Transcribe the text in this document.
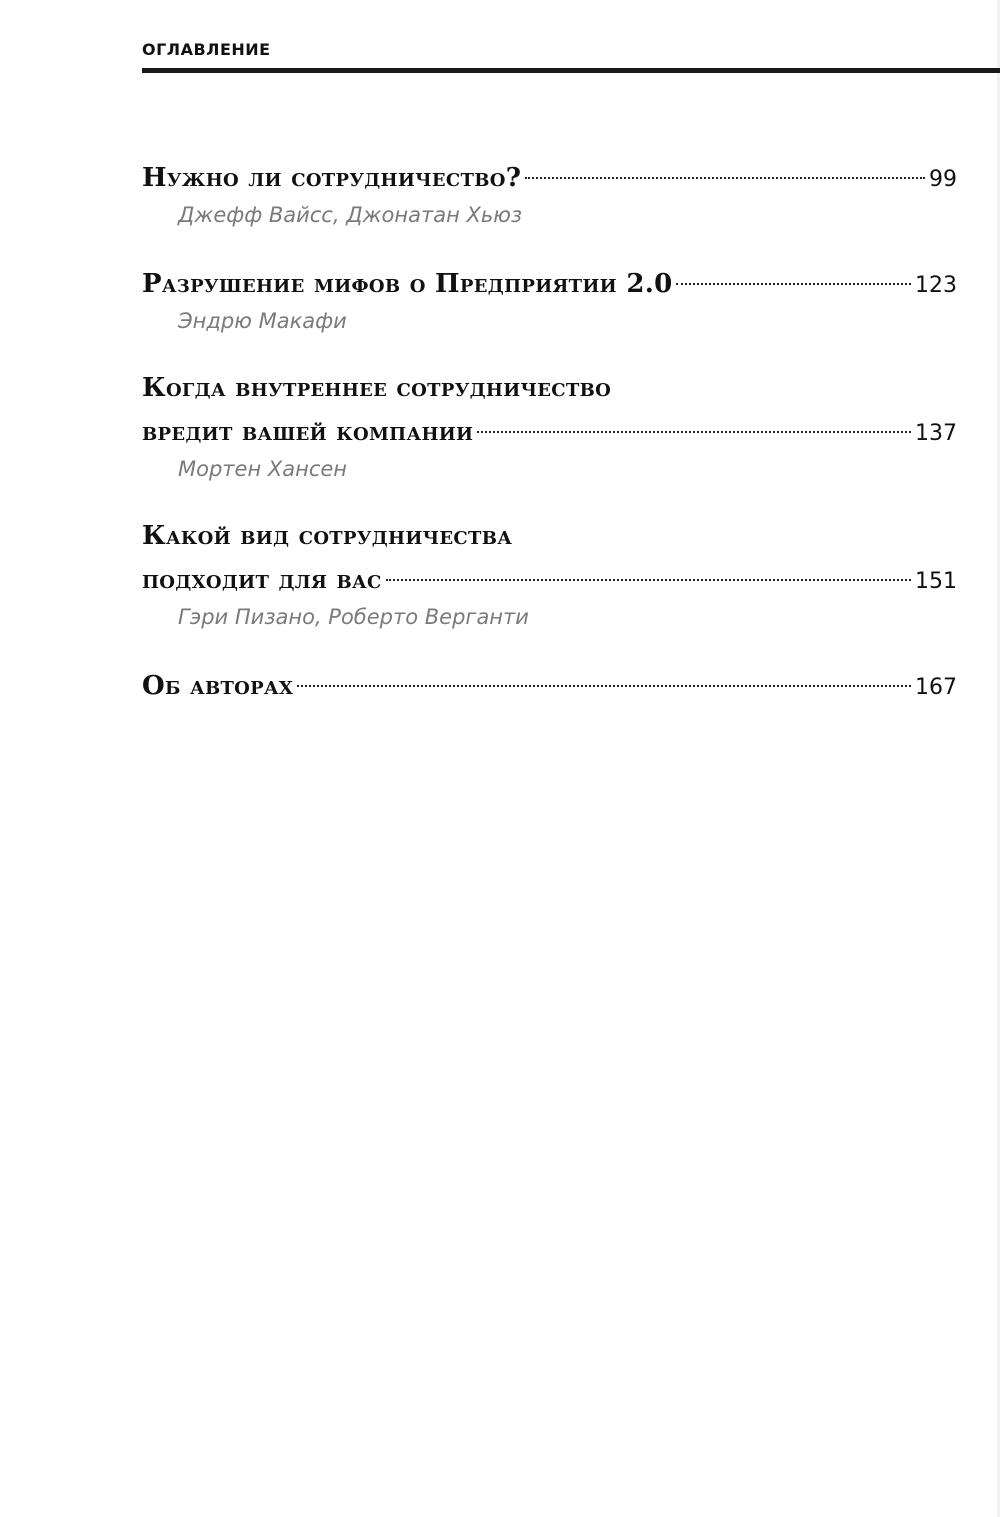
ОГЛАВЛЕНИЕ
Нужно ли сотрудничество?	99
Джефф Вайсс, Джонатан Хьюз
Разрушение мифов о Предприятии 2.0	123
Эндрю Макафи
Когда внутреннее сотрудничество
вредит вашей компании	137
Мортен Хансен
Какой вид сотрудничества
подходит для вас	151
Гэри Пизано, Роберто Верганти
Об авторах	167
